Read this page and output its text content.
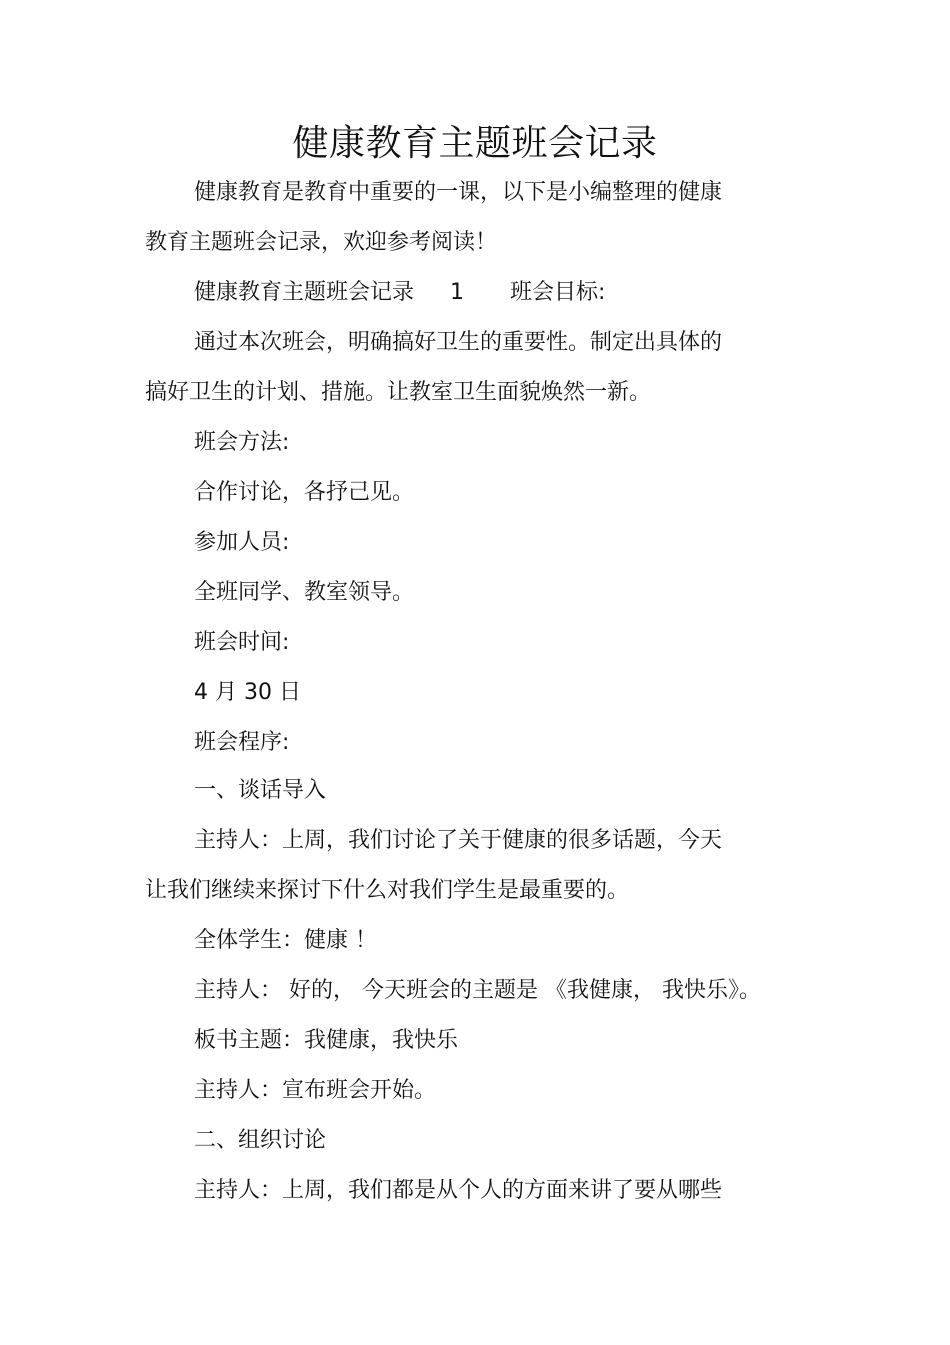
健康教育主题班会记录

健康教育是教育中重要的一课，以下是小编整理的健康

教育主题班会记录，欢迎参考阅读！

健康教育主题班会记录 1 班会目标:

通过本次班会，明确搞好卫生的重要性。制定出具体的

搞好卫生的计划、措施。让教室卫生面貌焕然一新。

班会方法:

合作讨论，各抒己见。

参加人员:

全班同学、教室领导。

班会时间:

4 月 30 日

班会程序:

一、谈话导入

主持人：上周，我们讨论了关于健康的很多话题，今天

让我们继续来探讨下什么对我们学生是最重要的。

全体学生：健康 ！

主持人： 好的， 今天班会的主题是 《我健康， 我快乐》。

板书主题：我健康，我快乐

主持人：宣布班会开始。

二、组织讨论

主持人：上周，我们都是从个人的方面来讲了要从哪些
